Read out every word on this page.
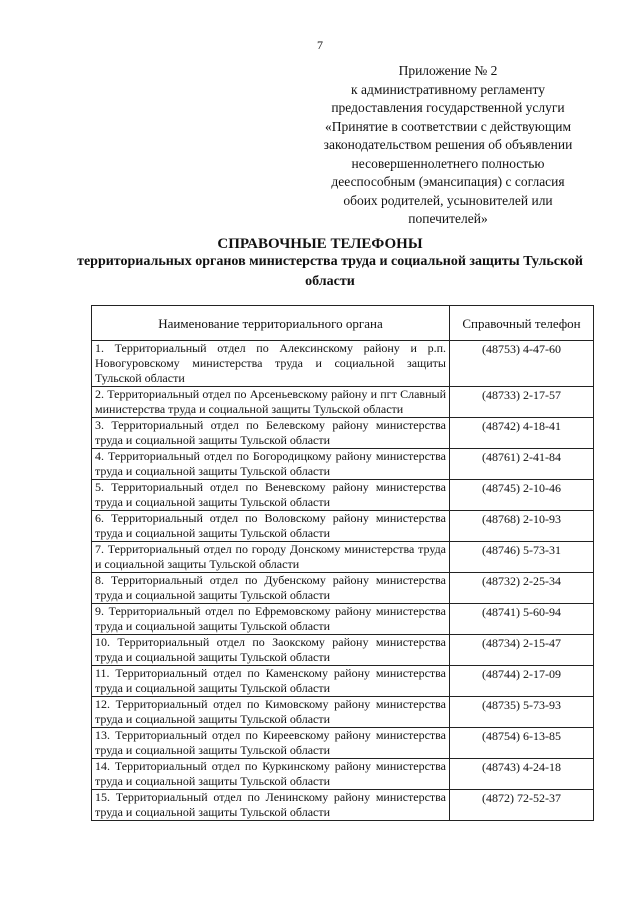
7
Приложение № 2
к административному регламенту
предоставления государственной услуги
«Принятие в соответствии с действующим
законодательством решения об объявлении
несовершеннолетнего полностью
дееспособным (эмансипация) с согласия
обоих родителей, усыновителей или
попечителей»
СПРАВОЧНЫЕ ТЕЛЕФОНЫ
территориальных органов министерства труда и социальной защиты Тульской области
Наименование территориального органа	Справочный телефон
1. Территориальный отдел по Алексинскому району и р.п. Новогуровскому министерства труда и социальной защиты Тульской области	(48753) 4-47-60
2. Территориальный отдел по Арсеньевскому району и пгт Славный министерства труда и социальной защиты Тульской области	(48733) 2-17-57
3. Территориальный отдел по Белевскому району министерства труда и социальной защиты Тульской области	(48742) 4-18-41
4. Территориальный отдел по Богородицкому району министерства труда и социальной защиты Тульской области	(48761) 2-41-84
5. Территориальный отдел по Веневскому району министерства труда и социальной защиты Тульской области	(48745) 2-10-46
6. Территориальный отдел по Воловскому району министерства труда и социальной защиты Тульской области	(48768) 2-10-93
7. Территориальный отдел по городу Донскому министерства труда и социальной защиты Тульской области	(48746) 5-73-31
8. Территориальный отдел по Дубенскому району министерства труда и социальной защиты Тульской области	(48732) 2-25-34
9. Территориальный отдел по Ефремовскому району министерства труда и социальной защиты Тульской области	(48741) 5-60-94
10. Территориальный отдел по Заокскому району министерства труда и социальной защиты Тульской области	(48734) 2-15-47
11. Территориальный отдел по Каменскому району министерства труда и социальной защиты Тульской области	(48744) 2-17-09
12. Территориальный отдел по Кимовскому району министерства труда и социальной защиты Тульской области	(48735) 5-73-93
13. Территориальный отдел по Киреевскому району министерства труда и социальной защиты Тульской области	(48754) 6-13-85
14. Территориальный отдел по Куркинскому району министерства труда и социальной защиты Тульской области	(48743) 4-24-18
15. Территориальный отдел по Ленинскому району министерства труда и социальной защиты Тульской области	(4872) 72-52-37
